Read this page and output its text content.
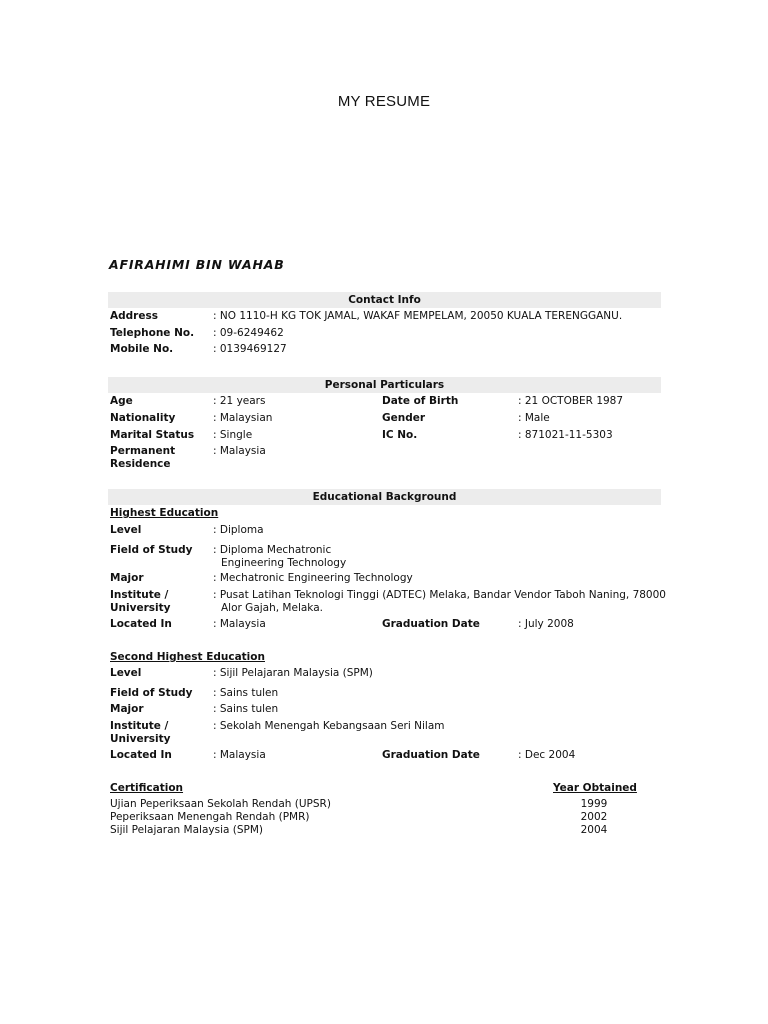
MY RESUME
AFIRAHIMI BIN WAHAB
Contact Info
Address	: NO 1110-H KG TOK JAMAL, WAKAF MEMPELAM, 20050 KUALA TERENGGANU.
Telephone No. : 09-6249462
Mobile No.	: 0139469127
Personal Particulars
Age	: 21 years	Date of Birth	: 21 OCTOBER 1987
Nationality	: Malaysian	Gender	: Male
Marital Status : Single	IC No.	: 871021-11-5303
Permanent
Residence
: Malaysia
Educational Background
Highest Education
Level	: Diploma
Field of Study : Diploma Mechatronic
Engineering Technology
Major	: Mechatronic Engineering Technology
Institute /
University
: Pusat Latihan Teknologi Tinggi (ADTEC) Melaka, Bandar Vendor Taboh Naning, 78000
Alor Gajah, Melaka.
Located In	: Malaysia	Graduation Date	: July 2008
Second Highest Education
Level	: Sijil Pelajaran Malaysia (SPM)
Field of Study : Sains tulen
Major	: Sains tulen
Institute /
University
: Sekolah Menengah Kebangsaan Seri Nilam
Located In	: Malaysia	Graduation Date	: Dec 2004
Certification	Year Obtained
Ujian Peperiksaan Sekolah Rendah (UPSR)	1999
Peperiksaan Menengah Rendah (PMR)	2002
Sijil Pelajaran Malaysia (SPM)	2004
